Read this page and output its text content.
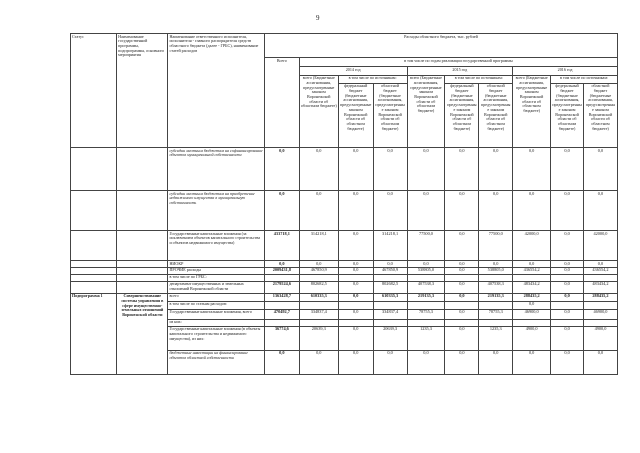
9
Статус	Наименование государственной программы, подпрограммы, основного мероприятия	Наименование ответственного исполнителя, исполнителя - главного распорядителя средств областного бюджета (далее - ГРБС), наименование статей расходов	Расходы областного бюджета, тыс. рублей									
			Всего	в том числе по годам реализации государственной программы								
				2014 год			2015 год			2016 год		
				всего (Бюджетные ассигнования, предусмотренные законом Воронежской области об областном бюджете)	в том числе по источникам:		всего (Бюджетные ассигнования, предусмотренные законом Воронежской области об областном бюджете)	в том числе по источникам:		всего (Бюджетные ассигнования, предусмотренные законом Воронежской области об областном бюджете)	в том числе по источникам:	
					федеральный бюджет (бюджетные ассигнования, предусмотренные законом Воронежской области об областном бюджете)	областной бюджет (бюджетные ассигнования, предусмотренные законом Воронежской области об областном бюджете)		федеральный бюджет (бюджетные ассигнования, предусмотренные законом Воронежской области об областном бюджете)	областной бюджет (бюджетные ассигнования, предусмотренные законом Воронежской области об областном бюджете)		федеральный бюджет (бюджетные ассигнования, предусмотренные законом Воронежской области об областном бюджете)	областной бюджет (бюджетные ассигнования, предусмотренные законом Воронежской области об областном бюджете)
		субсидии местным бюджетам на софинансирование объектов муниципальной собственности	0,0	0,0	0,0	0,0	0,0	0,0	0,0	0,0	0,0	0,0
		субсидии местным бюджетам на приобретение недвижимого имущества в муниципальную собственность	0,0	0,0	0,0	0,0	0,0	0,0	0,0	0,0	0,0	0,0
		Государственные капитальные вложения (за исключением объектов капитального строительства и объектов недвижимого имущества)	433718,1	314218,1	0,0	314218,1	77500,0	0,0	77500,0	42000,0	0,0	42000,0
		НИОКР	0,0	0,0	0,0	0,0	0,0	0,0	0,0	0,0	0,0	0,0
		ПРОЧИЕ расходы	2009431,8	467850,9	0,0	467850,9	538805,0	0,0	538805,0	436554,2	0,0	436554,2
		в том числе по ГРБС:										
		департамент имущественных и земельных отношений Воронежской области	2179524,6	802682,5	0,0	802682,5	407538,3	0,0	407538,3	483434,2	0,0	483434,2
Подпрограмма 1	Совершенствование системы управления в сфере имущественно-земельных отношений Воронежской области	всего	1363428,7	610335,3	0,0	610335,3	219135,3	0,0	219135,3	288435,2	0,0	288435,2
		в том числе по статьям расходов:								0,0		
		Государственные капитальные вложения, всего	470492,7	334837,4	0,0	334837,4	78755,3	0,0	78755,3	46900,0	0,0	46900,0
		из них:										
		Государственные капитальные вложения (в объекты капитального строительства и недвижимого имущества), из них:	36774,6	20639,3	0,0	20639,3	1235,3	0,0	1235,3	4900,0	0,0	4900,0
		бюджетные инвестиции на финансирование объектов областной собственности	0,0	0,0	0,0	0,0	0,0	0,0	0,0	0,0	0,0	0,0
